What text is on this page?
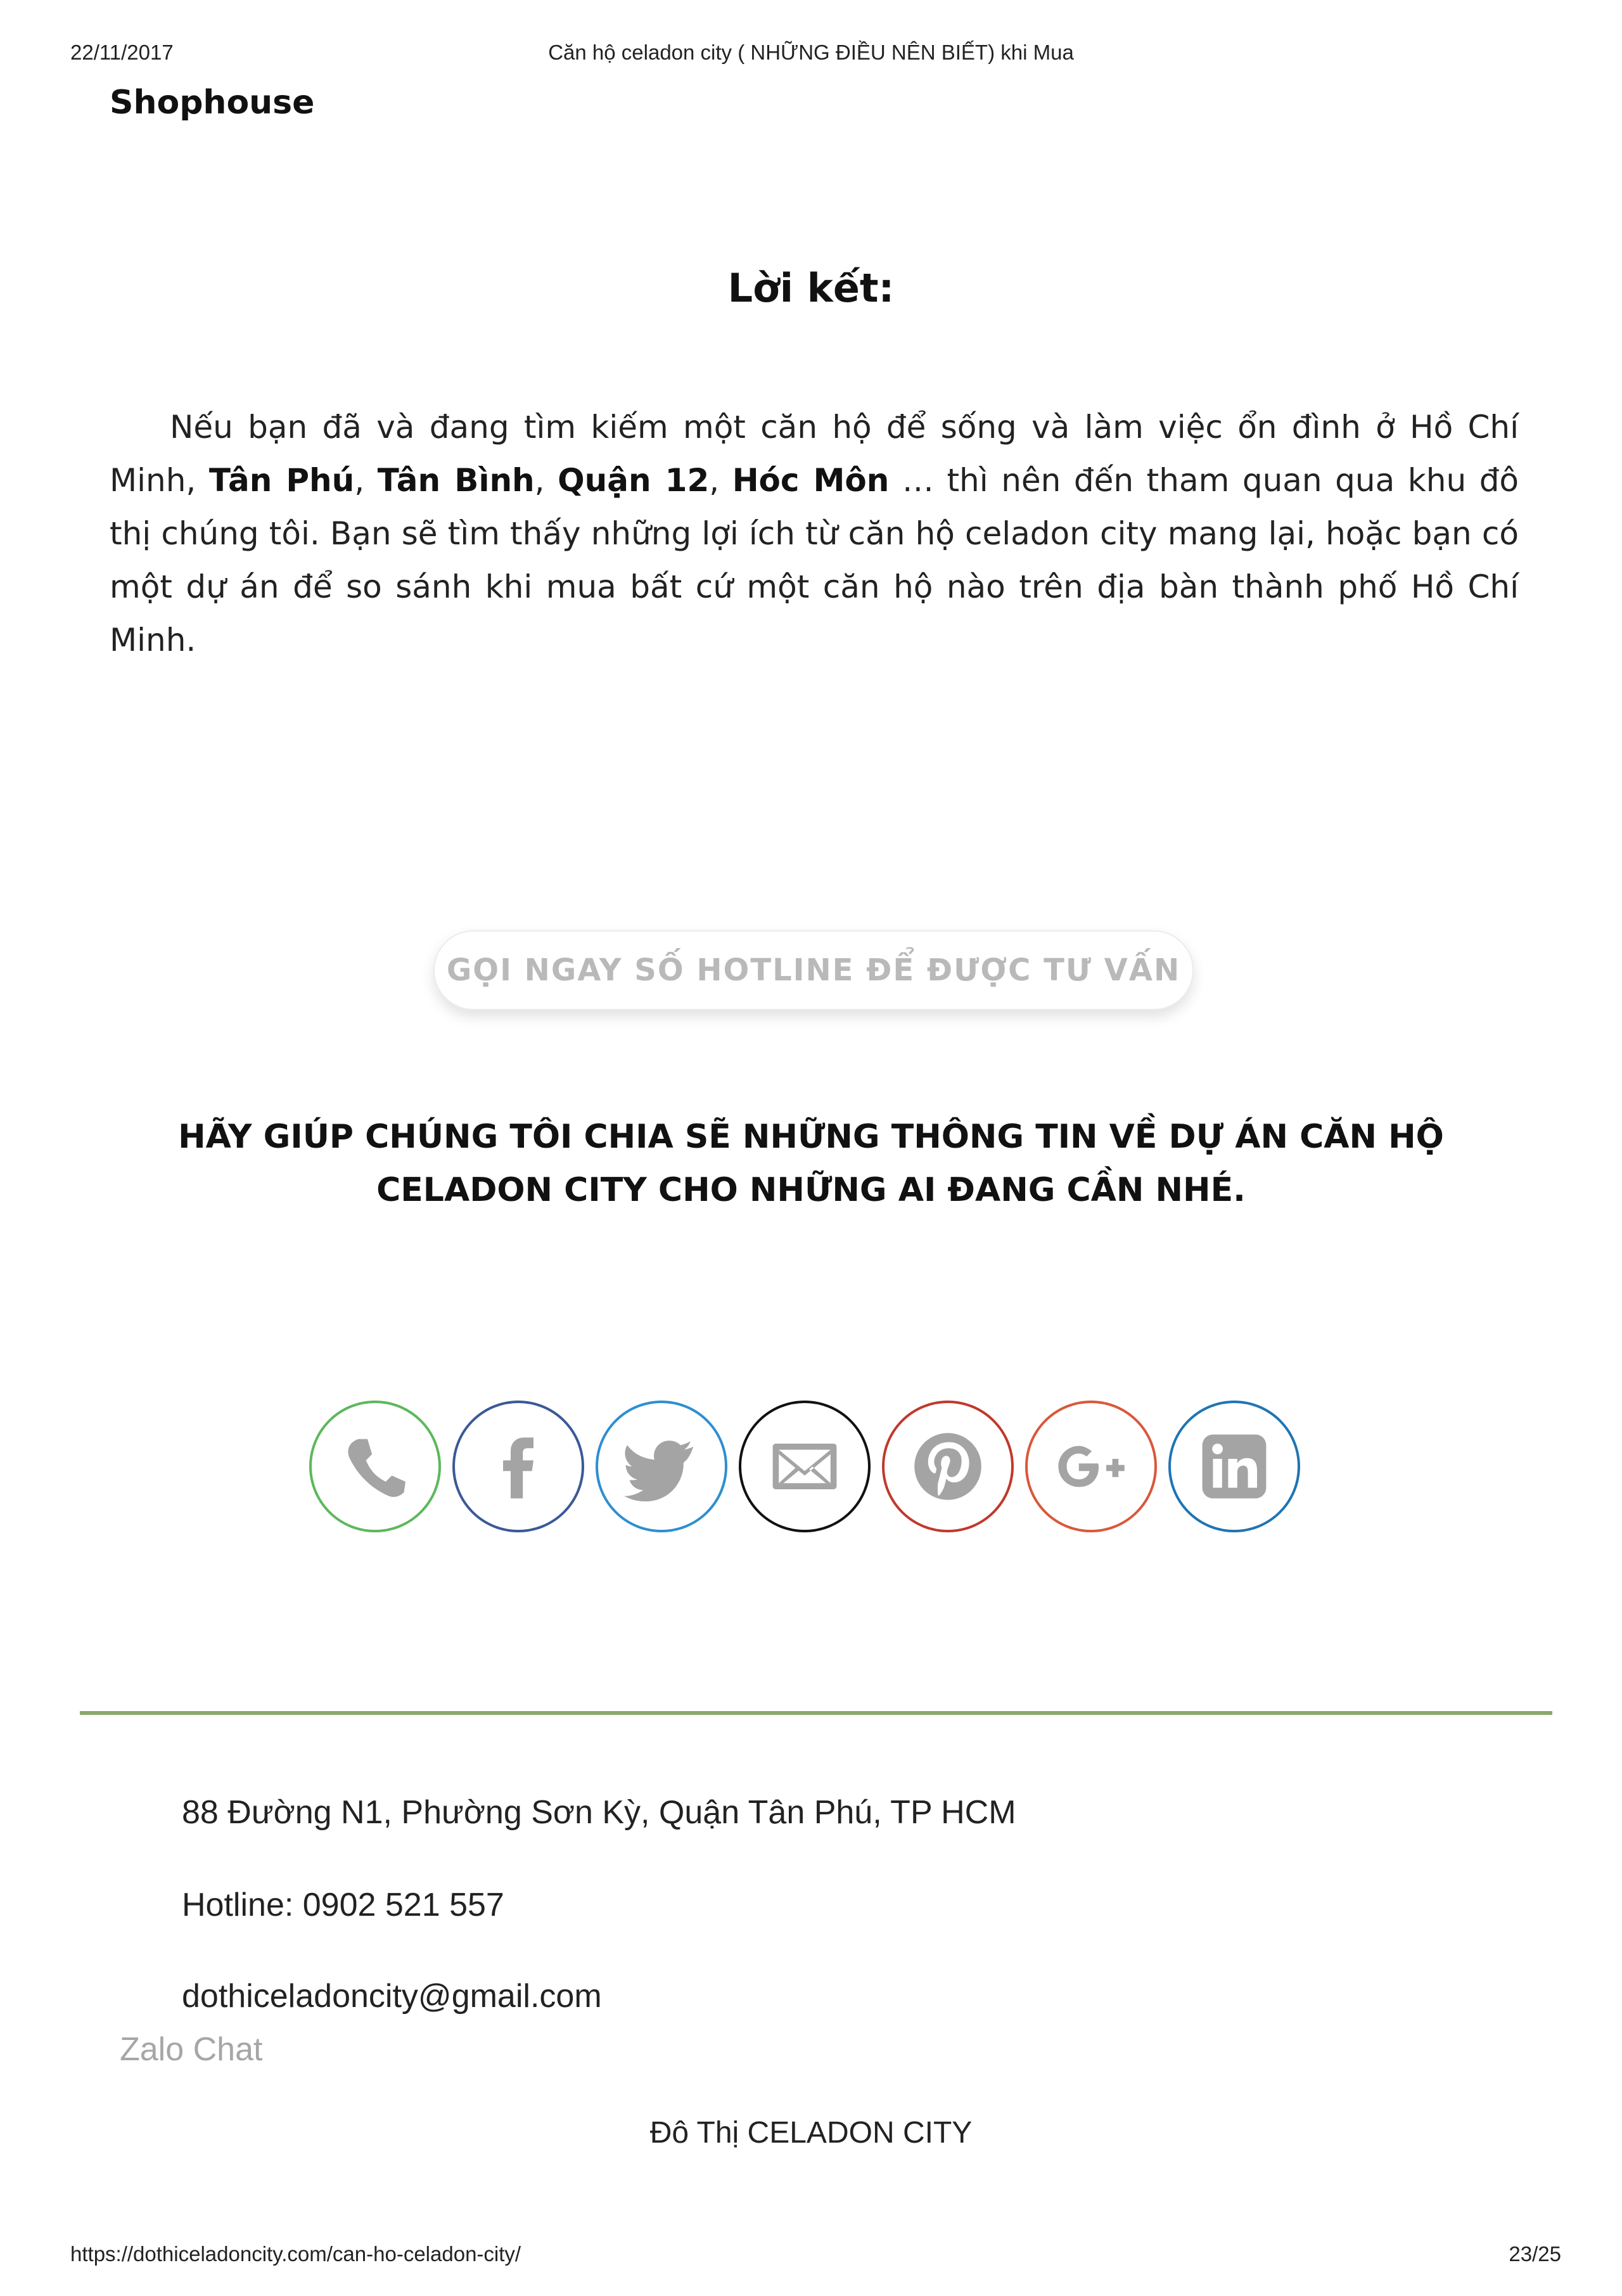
22/11/2017	Căn hộ celadon city ( NHỮNG ĐIỀU NÊN BIẾT) khi Mua
Shophouse
Lời kết:
Nếu bạn đã và đang tìm kiếm một căn hộ để sống và làm việc ổn đình ở Hồ Chí Minh, Tân Phú, Tân Bình, Quận 12, Hóc Môn … thì nên đến tham quan qua khu đô thị chúng tôi. Bạn sẽ tìm thấy những lợi ích từ căn hộ celadon city mang lại, hoặc bạn có một dự án để so sánh khi mua bất cứ một căn hộ nào trên địa bàn thành phố Hồ Chí Minh.
GỌI NGAY SỐ HOTLINE ĐỂ ĐƯỢC TƯ VẤN
HÃY GIÚP CHÚNG TÔI CHIA SẼ NHỮNG THÔNG TIN VỀ DỰ ÁN CĂN HỘ CELADON CITY CHO NHỮNG AI ĐANG CẦN NHÉ.
88 Đường N1, Phường Sơn Kỳ, Quận Tân Phú, TP HCM
Hotline: 0902 521 557
dothiceladoncity@gmail.com
Zalo Chat
Đô Thị CELADON CITY
https://dothiceladoncity.com/can-ho-celadon-city/	23/25
